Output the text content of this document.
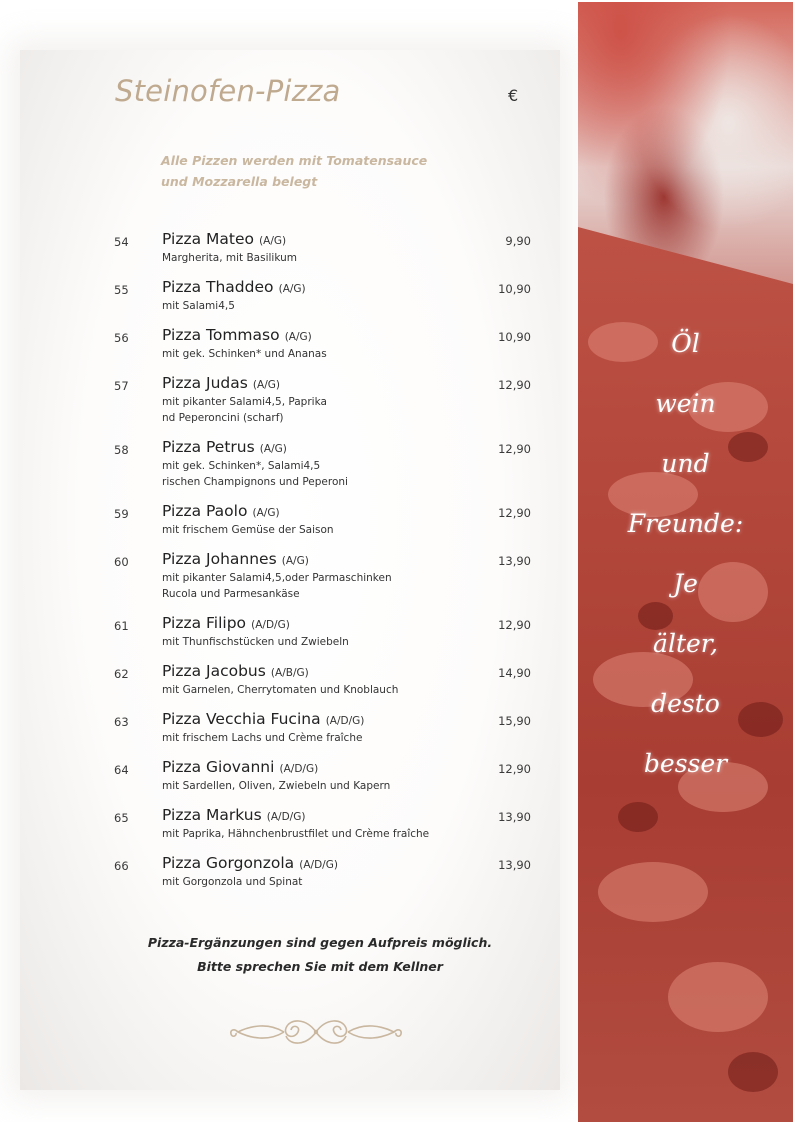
Steinofen-Pizza	€
Alle Pizzen werden mit Tomatensauce
und Mozzarella belegt
54 Pizza Mateo (A/G)
Margherita, mit Basilikum
9,90
55 Pizza Thaddeo (A/G)
mit Salami4,5
10,90
56 Pizza Tommaso (A/G)
mit gek. Schinken* und Ananas
10,90
57 Pizza Judas (A/G)
mit pikanter Salami4,5, Paprika
nd Peperoncini (scharf)
12,90
58 Pizza Petrus (A/G)
mit gek. Schinken*, Salami4,5
rischen Champignons und Peperoni
12,90
59 Pizza Paolo (A/G)
mit frischem Gemüse der Saison
12,90
60 Pizza Johannes (A/G)
mit pikanter Salami4,5,oder Parmaschinken
Rucola und Parmesankäse
13,90
61 Pizza Filipo (A/D/G)
mit Thunfischstücken und Zwiebeln
12,90
62 Pizza Jacobus (A/B/G)
mit Garnelen, Cherrytomaten und Knoblauch
14,90
63 Pizza Vecchia Fucina (A/D/G)
mit frischem Lachs und Crème fraîche
15,90
64 Pizza Giovanni (A/D/G)
mit Sardellen, Oliven, Zwiebeln und Kapern
12,90
65 Pizza Markus (A/D/G)
mit Paprika, Hähnchenbrustfilet und Crème fraîche
13,90
66 Pizza Gorgonzola (A/D/G)
mit Gorgonzola und Spinat
13,90
Pizza-Ergänzungen sind gegen Aufpreis möglich.
Bitte sprechen Sie mit dem Kellner
Öl
wein
und
Freunde:
Je
älter,
desto
besser
